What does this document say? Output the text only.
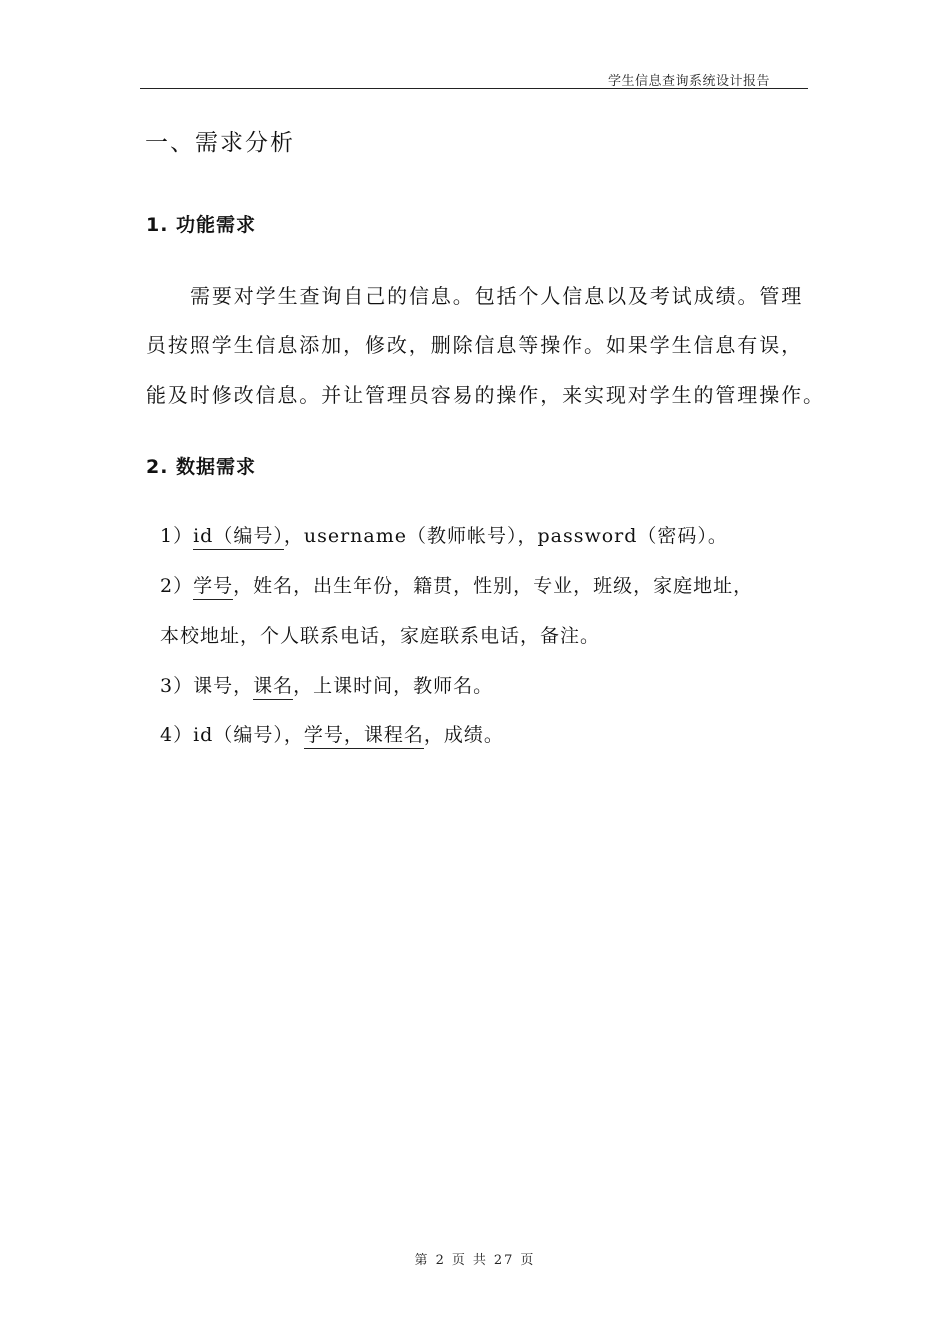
学生信息查询系统设计报告
一、需求分析
1. 功能需求
需要对学生查询自己的信息。包括个人信息以及考试成绩。管理
员按照学生信息添加，修改，删除信息等操作。如果学生信息有误，
能及时修改信息。并让管理员容易的操作，来实现对学生的管理操作。
2. 数据需求
1）id（编号），username（教师帐号），password（密码）。
2）学号，姓名，出生年份，籍贯，性别，专业，班级，家庭地址，
本校地址，个人联系电话，家庭联系电话，备注。
3）课号，课名，上课时间，教师名。
4）id（编号），学号，课程名，成绩。
第 2 页 共 27 页
